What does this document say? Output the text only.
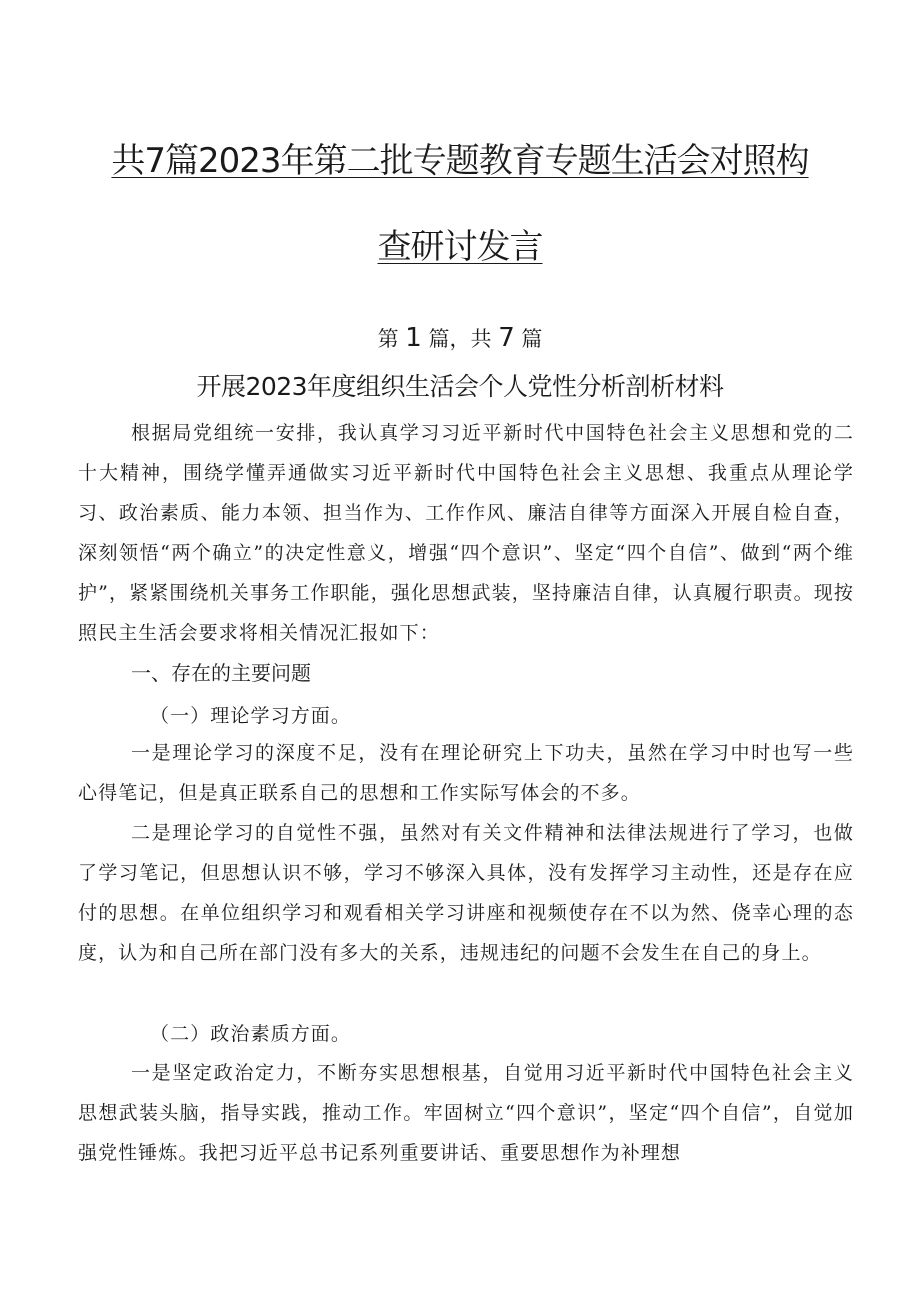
共7篇2023年第二批专题教育专题生活会对照构
查研讨发言
第 1 篇，共 7 篇
开展2023年度组织生活会个人党性分析剖析材料

根据局党组统一安排，我认真学习习近平新时代中国特色社会主义思想和党的二十大精神，围绕学懂弄通做实习近平新时代中国特色社会主义思想、我重点从理论学习、政治素质、能力本领、担当作为、工作作风、廉洁自律等方面深入开展自检自查，深刻领悟“两个确立”的决定性意义，增强“四个意识”、坚定“四个自信”、做到“两个维护”，紧紧围绕机关事务工作职能，强化思想武装，坚持廉洁自律，认真履行职责。现按照民主生活会要求将相关情况汇报如下：

一、存在的主要问题
（一）理论学习方面。

一是理论学习的深度不足，没有在理论研究上下功夫，虽然在学习中时也写一些心得笔记，但是真正联系自己的思想和工作实际写体会的不多。

二是理论学习的自觉性不强，虽然对有关文件精神和法律法规进行了学习，也做了学习笔记，但思想认识不够，学习不够深入具体，没有发挥学习主动性，还是存在应付的思想。在单位组织学习和观看相关学习讲座和视频使存在不以为然、侥幸心理的态度，认为和自己所在部门没有多大的关系，违规违纪的问题不会发生在自己的身上。

（二）政治素质方面。

一是坚定政治定力，不断夯实思想根基，自觉用习近平新时代中国特色社会主义思想武装头脑，指导实践，推动工作。牢固树立“四个意识”，坚定“四个自信”，自觉加强党性锤炼。我把习近平总书记系列重要讲话、重要思想作为补理想
